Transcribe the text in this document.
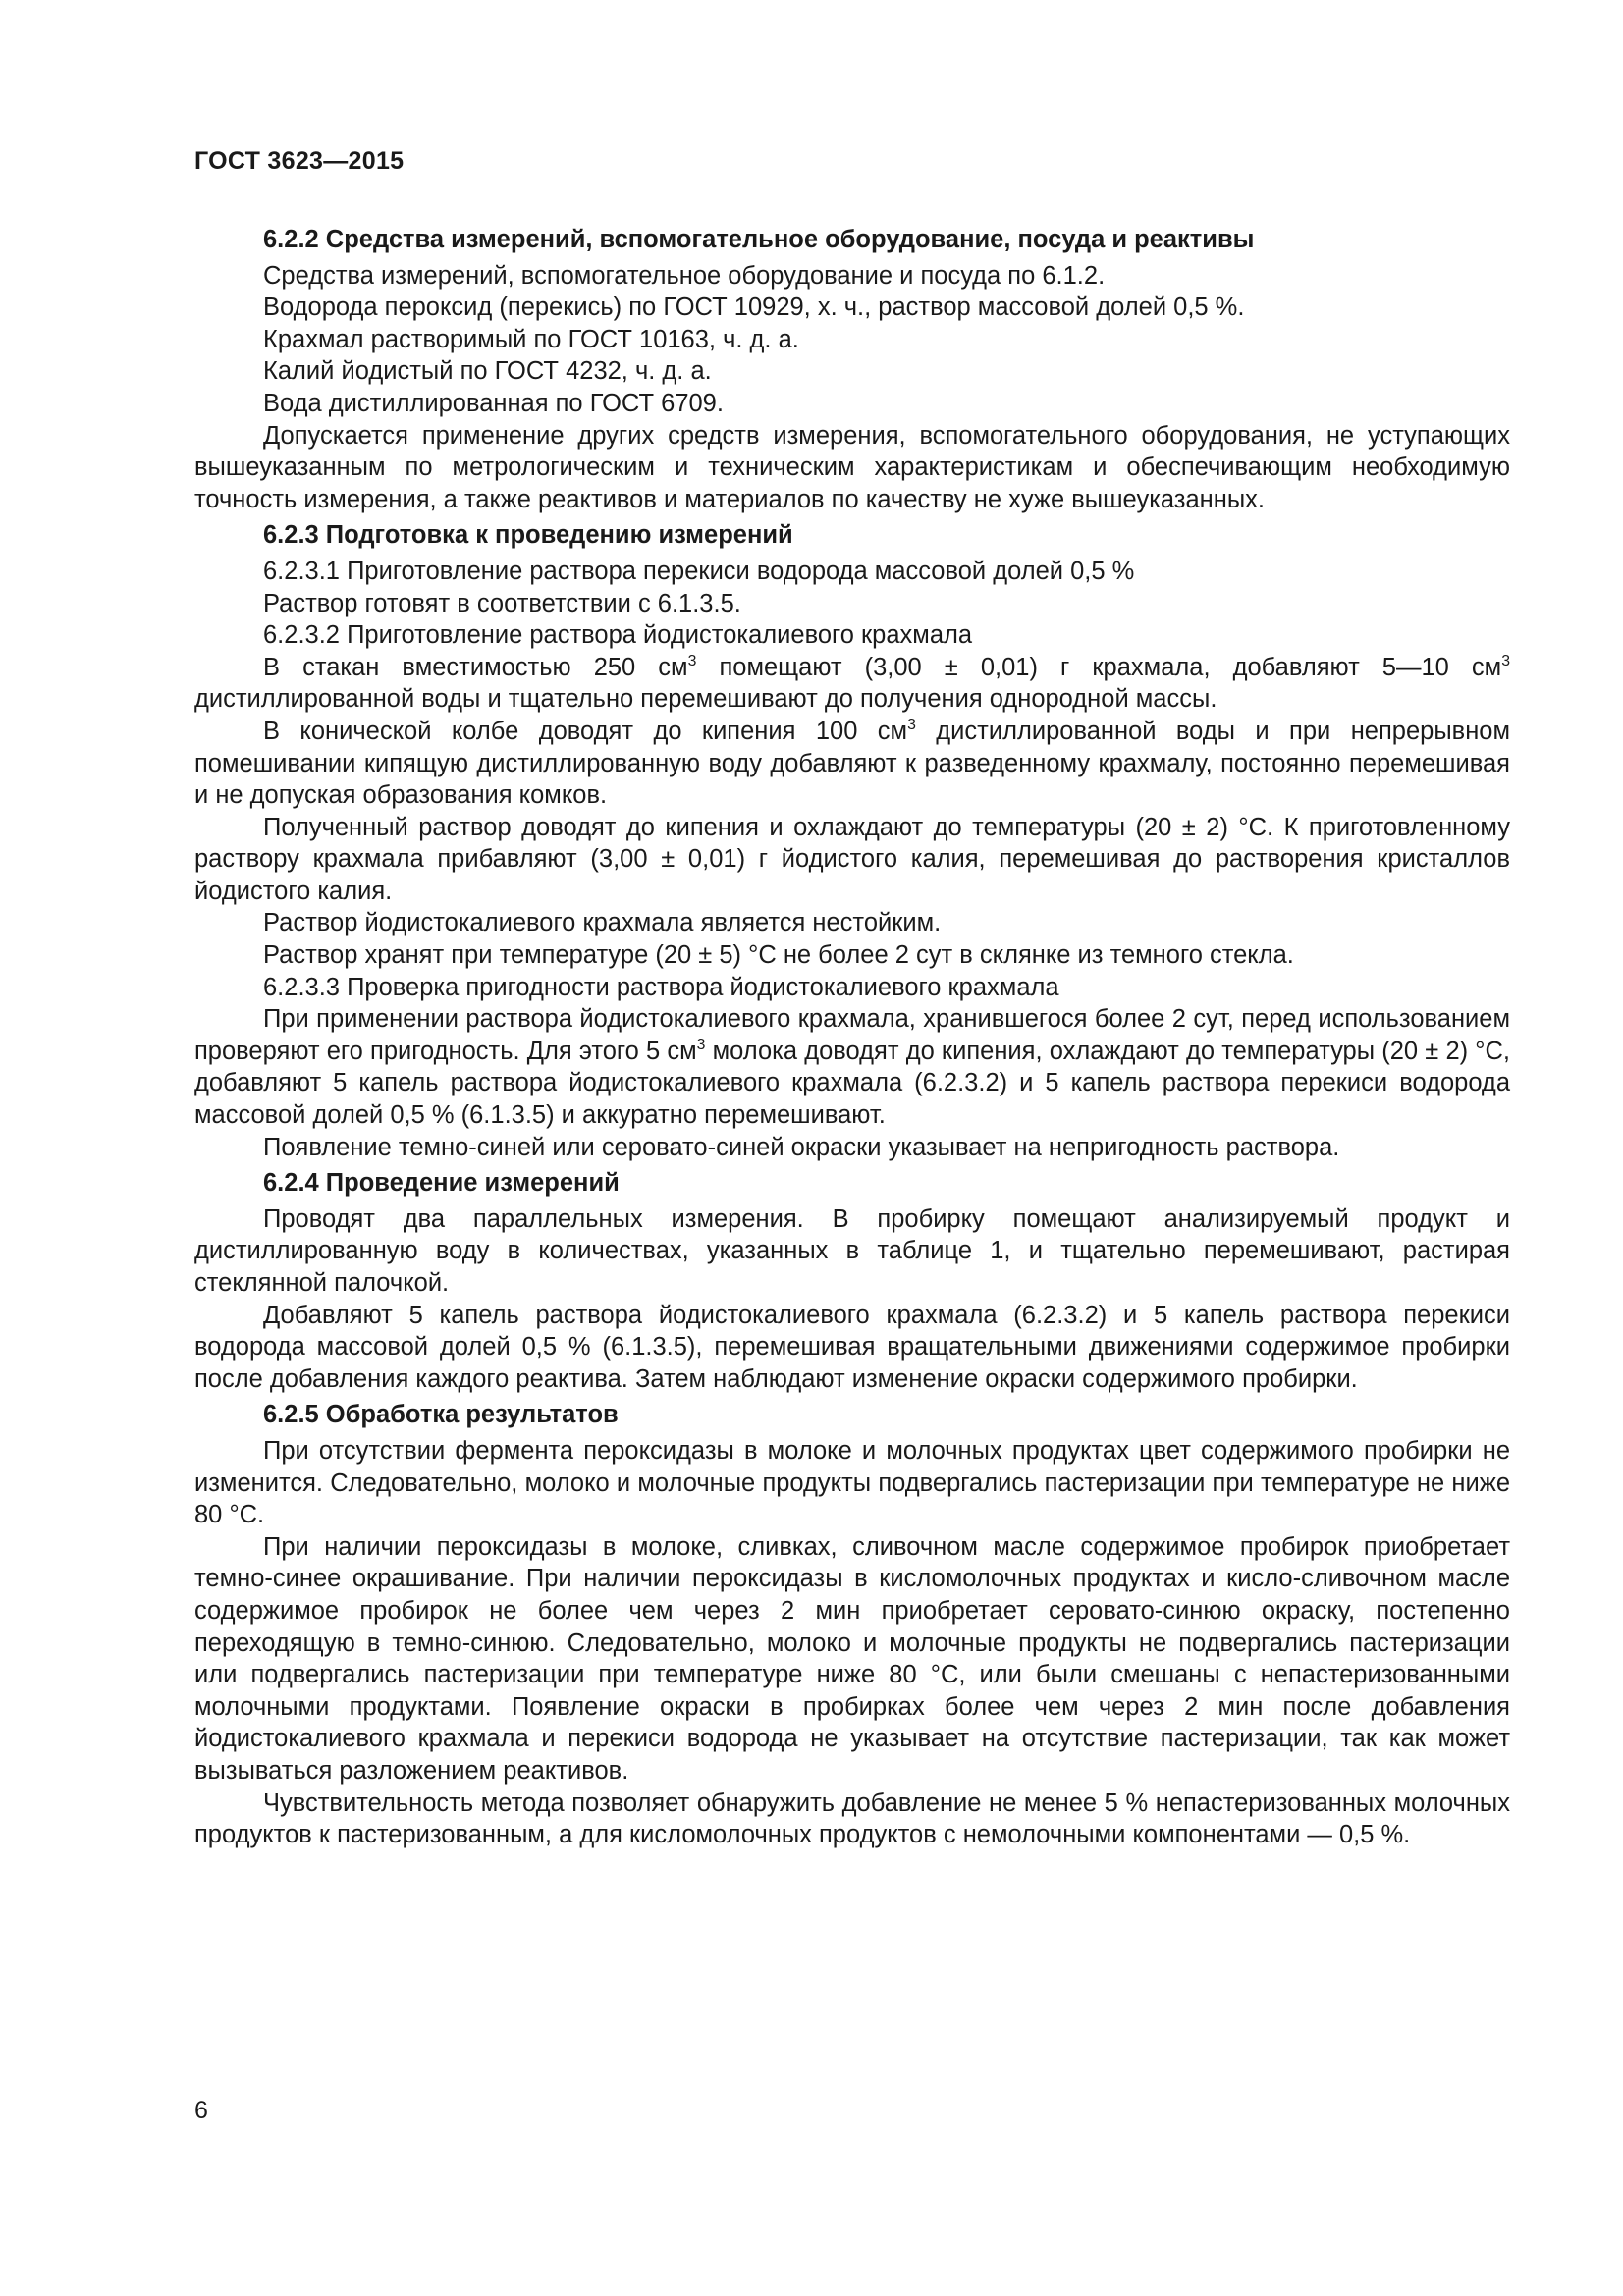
ГОСТ 3623—2015

6.2.2 Средства измерений, вспомогательное оборудование, посуда и реактивы

Средства измерений, вспомогательное оборудование и посуда по 6.1.2.

Водорода пероксид (перекись) по ГОСТ 10929, х. ч., раствор массовой долей 0,5 %.

Крахмал растворимый по ГОСТ 10163, ч. д. а.

Калий йодистый по ГОСТ 4232, ч. д. а.

Вода дистиллированная по ГОСТ 6709.

Допускается применение других средств измерения, вспомогательного оборудования, не уступающих вышеуказанным по метрологическим и техническим характеристикам и обеспечивающим необходимую точность измерения, а также реактивов и материалов по качеству не хуже вышеуказанных.

6.2.3 Подготовка к проведению измерений

6.2.3.1 Приготовление раствора перекиси водорода массовой долей 0,5 %

Раствор готовят в соответствии с 6.1.3.5.

6.2.3.2 Приготовление раствора йодистокалиевого крахмала

В стакан вместимостью 250 $см^3$ помещают (3,00 ± 0,01) г крахмала, добавляют 5—10 $см^3$ дистиллированной воды и тщательно перемешивают до получения однородной массы.

В конической колбе доводят до кипения 100 $см^3$ дистиллированной воды и при непрерывном помешивании кипящую дистиллированную воду добавляют к разведенному крахмалу, постоянно перемешивая и не допуская образования комков.

Полученный раствор доводят до кипения и охлаждают до температуры (20 ± 2) °С. К приготовленному раствору крахмала прибавляют (3,00 ± 0,01) г йодистого калия, перемешивая до растворения кристаллов йодистого калия.

Раствор йодистокалиевого крахмала является нестойким.

Раствор хранят при температуре (20 ± 5) °С не более 2 сут в склянке из темного стекла.

6.2.3.3 Проверка пригодности раствора йодистокалиевого крахмала

При применении раствора йодистокалиевого крахмала, хранившегося более 2 сут, перед использованием проверяют его пригодность. Для этого 5 $см^3$ молока доводят до кипения, охлаждают до температуры (20 ± 2) °С, добавляют 5 капель раствора йодистокалиевого крахмала (6.2.3.2) и 5 капель раствора перекиси водорода массовой долей 0,5 % (6.1.3.5) и аккуратно перемешивают.

Появление темно-синей или серовато-синей окраски указывает на непригодность раствора.

6.2.4 Проведение измерений

Проводят два параллельных измерения. В пробирку помещают анализируемый продукт и дистиллированную воду в количествах, указанных в таблице 1, и тщательно перемешивают, растирая стеклянной палочкой.

Добавляют 5 капель раствора йодистокалиевого крахмала (6.2.3.2) и 5 капель раствора перекиси водорода массовой долей 0,5 % (6.1.3.5), перемешивая вращательными движениями содержимое пробирки после добавления каждого реактива. Затем наблюдают изменение окраски содержимого пробирки.

6.2.5 Обработка результатов

При отсутствии фермента пероксидазы в молоке и молочных продуктах цвет содержимого пробирки не изменится. Следовательно, молоко и молочные продукты подвергались пастеризации при температуре не ниже 80 °С.

При наличии пероксидазы в молоке, сливках, сливочном масле содержимое пробирок приобретает темно-синее окрашивание. При наличии пероксидазы в кисломолочных продуктах и кисло-сливочном масле содержимое пробирок не более чем через 2 мин приобретает серовато-синюю окраску, постепенно переходящую в темно-синюю. Следовательно, молоко и молочные продукты не подвергались пастеризации или подвергались пастеризации при температуре ниже 80 °С, или были смешаны с непастеризованными молочными продуктами. Появление окраски в пробирках более чем через 2 мин после добавления йодистокалиевого крахмала и перекиси водорода не указывает на отсутствие пастеризации, так как может вызываться разложением реактивов.

Чувствительность метода позволяет обнаружить добавление не менее 5 % непастеризованных молочных продуктов к пастеризованным, а для кисломолочных продуктов с немолочными компонентами — 0,5 %.

6
